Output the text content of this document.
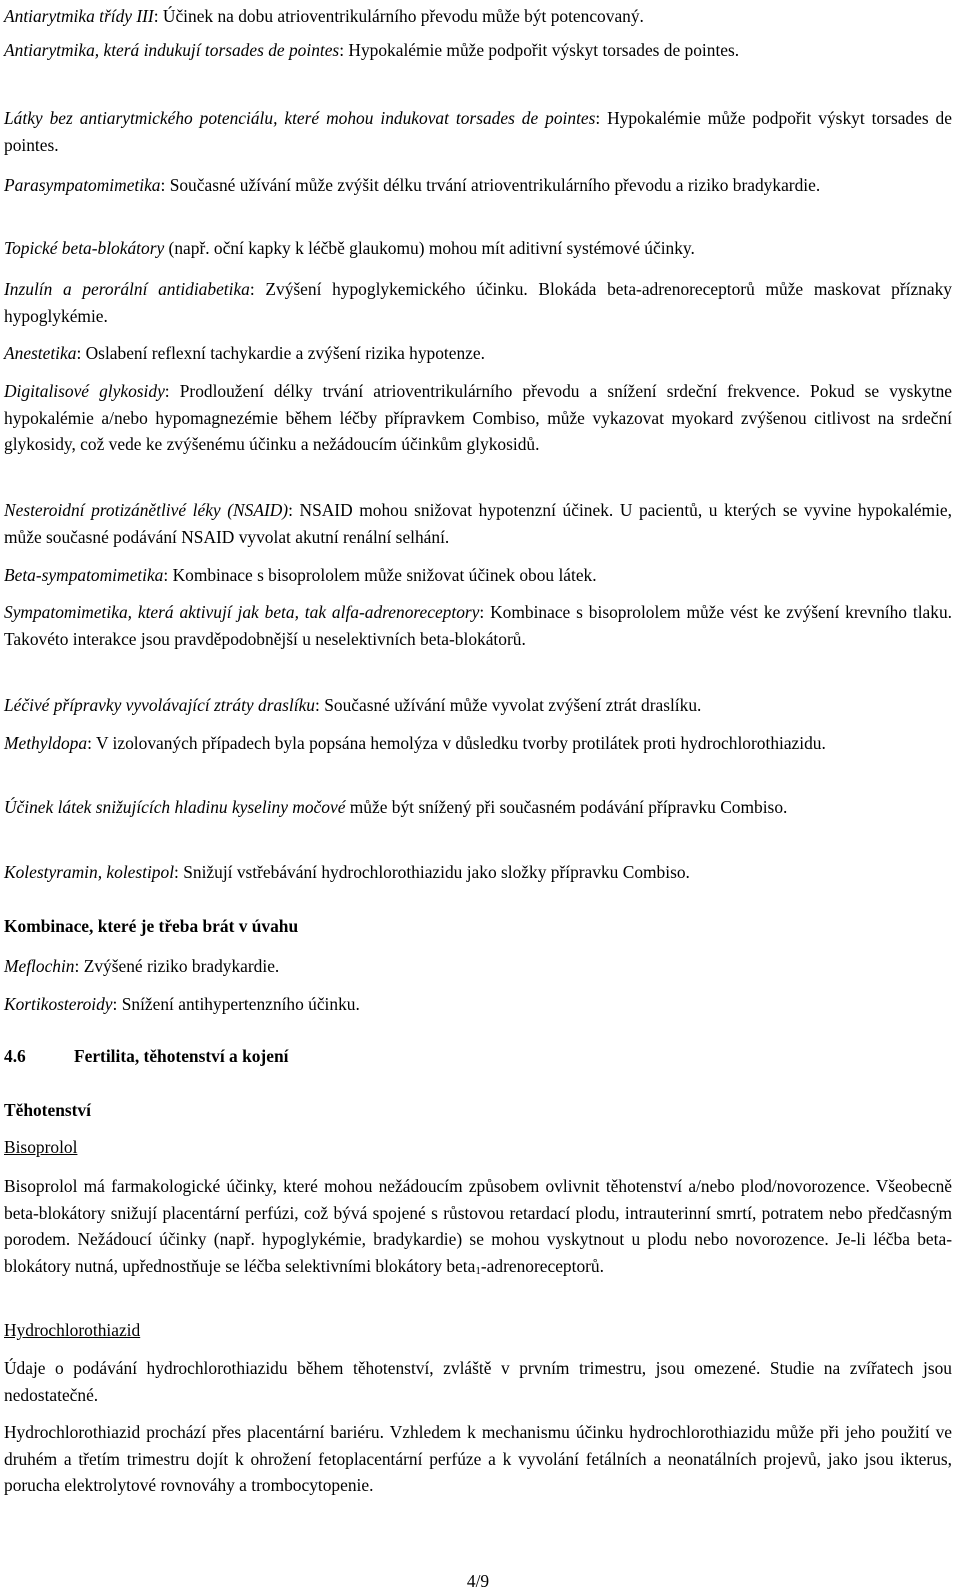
Antiarytmika třídy III: Účinek na dobu atrioventrikulárního převodu může být potencovaný.

Antiarytmika, která indukují torsades de pointes: Hypokalémie může podpořit výskyt torsades de pointes.

Látky bez antiarytmického potenciálu, které mohou indukovat torsades de pointes: Hypokalémie může podpořit výskyt torsades de pointes.

Parasympatomimetika: Současné užívání může zvýšit délku trvání atrioventrikulárního převodu a riziko bradykardie.

Topické beta-blokátory (např. oční kapky k léčbě glaukomu) mohou mít aditivní systémové účinky.

Inzulín a perorální antidiabetika: Zvýšení hypoglykemického účinku. Blokáda beta-adrenoreceptorů může maskovat příznaky hypoglykémie.

Anestetika: Oslabení reflexní tachykardie a zvýšení rizika hypotenze.

Digitalisové glykosidy: Prodloužení délky trvání atrioventrikulárního převodu a snížení srdeční frekvence. Pokud se vyskytne hypokalémie a/nebo hypomagnezémie během léčby přípravkem Combiso, může vykazovat myokard zvýšenou citlivost na srdeční glykosidy, což vede ke zvýšenému účinku a nežádoucím účinkům glykosidů.

Nesteroidní protizánětlivé léky (NSAID): NSAID mohou snižovat hypotenzní účinek. U pacientů, u kterých se vyvine hypokalémie, může současné podávání NSAID vyvolat akutní renální selhání.

Beta-sympatomimetika: Kombinace s bisoprololem může snižovat účinek obou látek.

Sympatomimetika, která aktivují jak beta, tak alfa-adrenoreceptory: Kombinace s bisoprololem může vést ke zvýšení krevního tlaku. Takovéto interakce jsou pravděpodobnější u neselektivních beta-blokátorů.

Léčivé přípravky vyvolávající ztráty draslíku: Současné užívání může vyvolat zvýšení ztrát draslíku.

Methyldopa: V izolovaných případech byla popsána hemolýza v důsledku tvorby protilátek proti hydrochlorothiazidu.

Účinek látek snižujících hladinu kyseliny močové může být snížený při současném podávání přípravku Combiso.

Kolestyramin, kolestipol: Snižují vstřebávání hydrochlorothiazidu jako složky přípravku Combiso.

Kombinace, které je třeba brát v úvahu

Meflochin: Zvýšené riziko bradykardie.

Kortikosteroidy: Snížení antihypertenzního účinku.

4.6	Fertilita, těhotenství a kojení

Těhotenství

Bisoprolol

Bisoprolol má farmakologické účinky, které mohou nežádoucím způsobem ovlivnit těhotenství a/nebo plod/novorozence. Všeobecně beta-blokátory snižují placentární perfúzi, což bývá spojené s růstovou retardací plodu, intrauterinní smrtí, potratem nebo předčasným porodem. Nežádoucí účinky (např. hypoglykémie, bradykardie) se mohou vyskytnout u plodu nebo novorozence. Je-li léčba beta-blokátory nutná, upřednostňuje se léčba selektivními blokátory beta$_1$-adrenoreceptorů.

Hydrochlorothiazid

Údaje o podávání hydrochlorothiazidu během těhotenství, zvláště v prvním trimestru, jsou omezené. Studie na zvířatech jsou nedostatečné.

Hydrochlorothiazid prochází přes placentární bariéru. Vzhledem k mechanismu účinku hydrochlorothiazidu může při jeho použití ve druhém a třetím trimestru dojít k ohrožení fetoplacentární perfúze a k vyvolání fetálních a neonatálních projevů, jako jsou ikterus, porucha elektrolytové rovnováhy a trombocytopenie.

4/9
